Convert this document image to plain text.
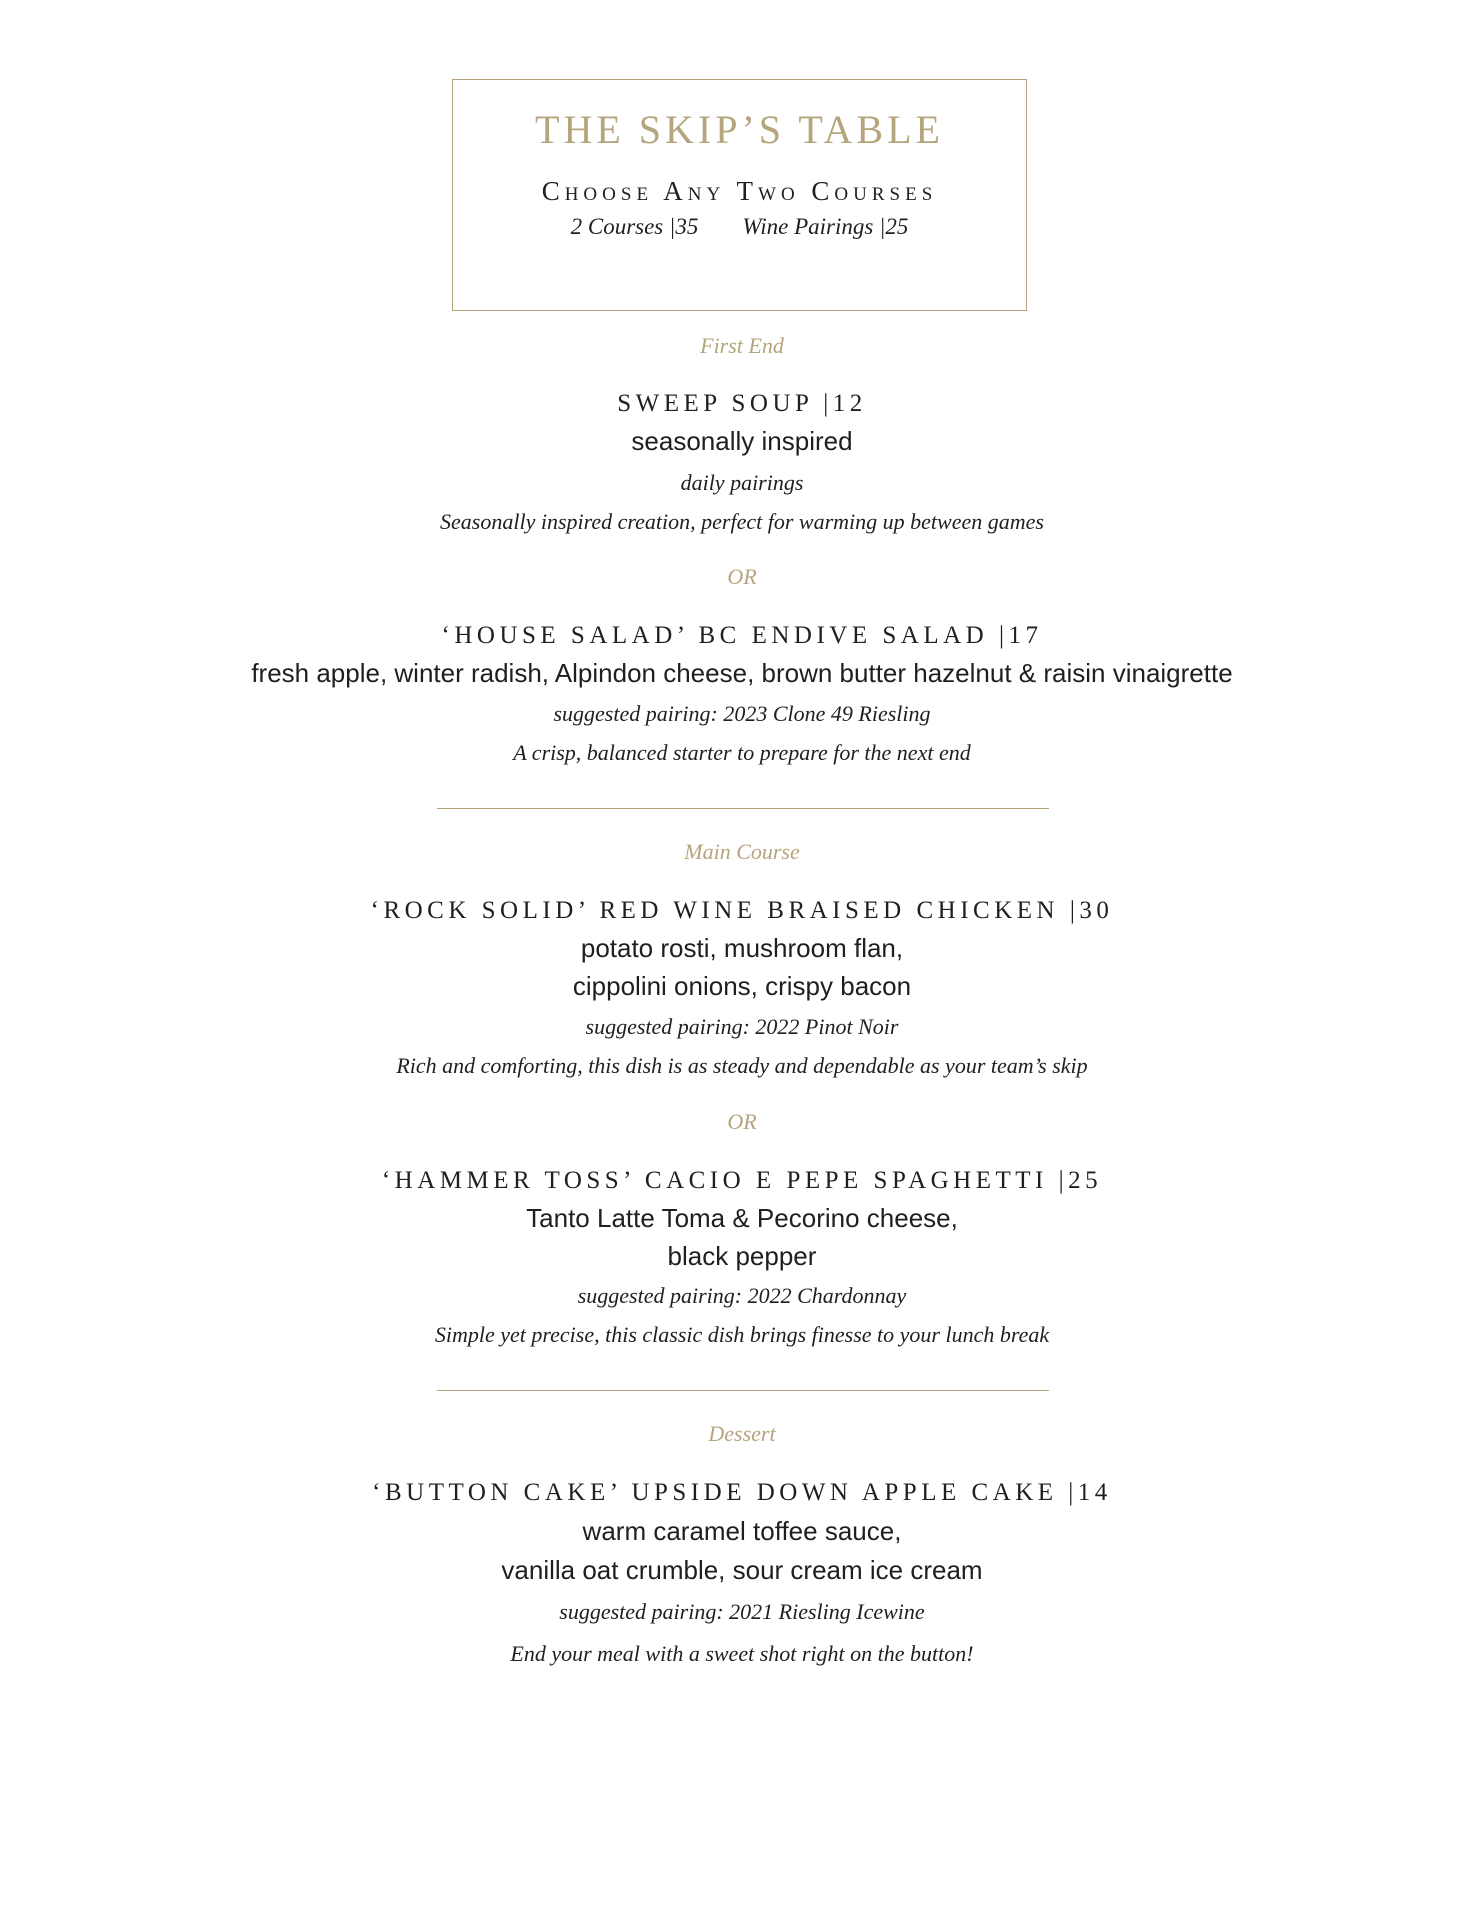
THE SKIP’S TABLE
Choose Any Two Courses
2 Courses |35 Wine Pairings |25
First End
SWEEP SOUP |12
seasonally inspired
daily pairings
Seasonally inspired creation, perfect for warming up between games
OR
‘HOUSE SALAD’ BC ENDIVE SALAD |17
fresh apple, winter radish, Alpindon cheese, brown butter hazelnut & raisin vinaigrette
suggested pairing: 2023 Clone 49 Riesling
A crisp, balanced starter to prepare for the next end
Main Course
‘ROCK SOLID’ RED WINE BRAISED CHICKEN |30
potato rosti, mushroom flan,
cippolini onions, crispy bacon
suggested pairing: 2022 Pinot Noir
Rich and comforting, this dish is as steady and dependable as your team’s skip
OR
‘HAMMER TOSS’ CACIO E PEPE SPAGHETTI |25
Tanto Latte Toma & Pecorino cheese,
black pepper
suggested pairing: 2022 Chardonnay
Simple yet precise, this classic dish brings finesse to your lunch break
Dessert
‘BUTTON CAKE’ UPSIDE DOWN APPLE CAKE |14
warm caramel toffee sauce,
vanilla oat crumble, sour cream ice cream
suggested pairing: 2021 Riesling Icewine
End your meal with a sweet shot right on the button!
